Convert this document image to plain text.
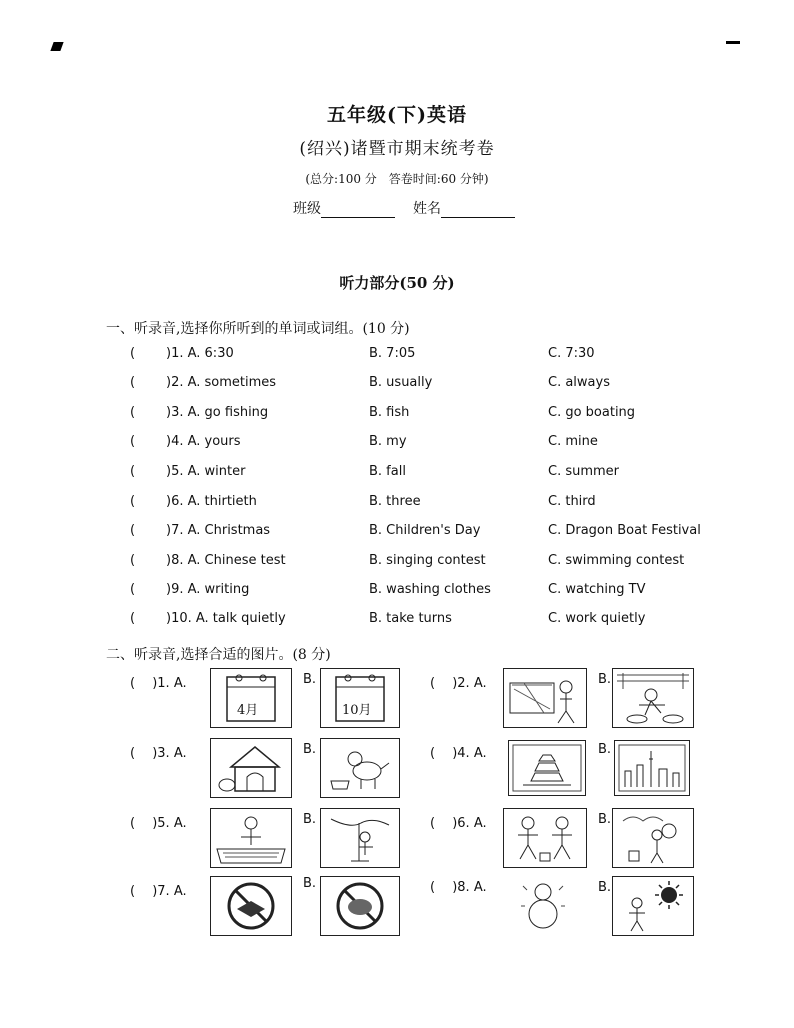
五年级(下)英语
(绍兴)诸暨市期末统考卷
(总分:100 分　答卷时间:60 分钟)
班级	姓名
听力部分(50 分)
一、听录音,选择你所听到的单词或词组。(10 分)
( )1. A. 6:30	B. 7:05	C. 7:30
( )2. A. sometimes	B. usually	C. always
( )3. A. go fishing	B. fish	C. go boating
( )4. A. yours	B. my	C. mine
( )5. A. winter	B. fall	C. summer
( )6. A. thirtieth	B. three	C. third
( )7. A. Christmas	B. Children's Day	C. Dragon Boat Festival
( )8. A. Chinese test	B. singing contest	C. swimming contest
( )9. A. writing	B. washing clothes	C. watching TV
( )10. A. talk quietly	B. take turns	C. work quietly
二、听录音,选择合适的图片。(8 分)
(　 )1. A.
4月
B.
10月
(　 )2. A.	B.
(　 )3. A.	B.	(　 )4. A.	B.
(　 )5. A.	B.	(　 )6. A.	B.
(　 )7. A.
B.	(　 )8. A.	B.
